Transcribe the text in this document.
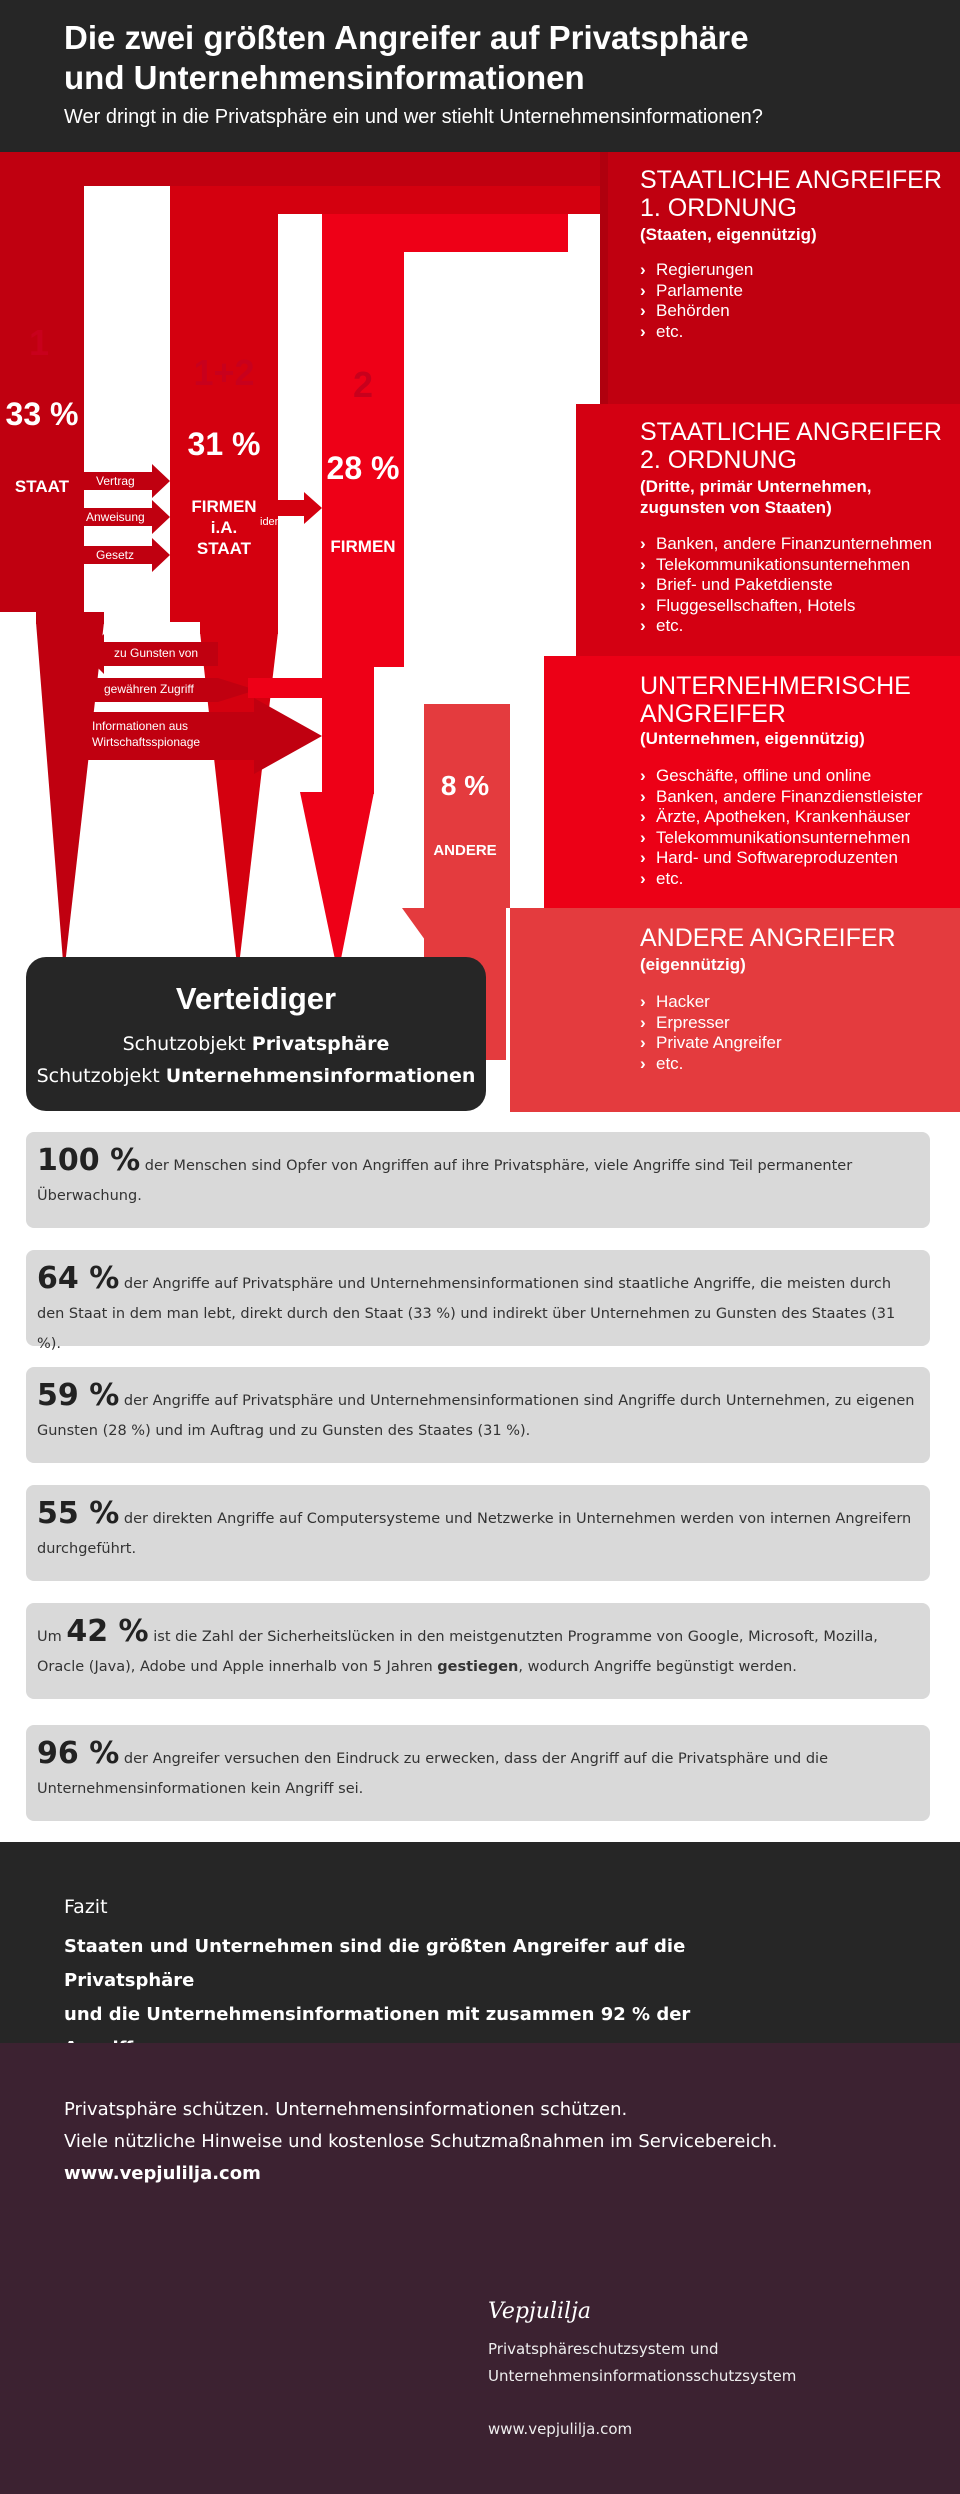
Die zwei größten Angreifer auf Privatsphäre
und Unternehmensinformationen
Wer dringt in die Privatsphäre ein und wer stiehlt Unternehmensinformationen?
STAATLICHE ANGREIFER
1. ORDNUNG
(Staaten, eigennützig)
› Regierungen
› Parlamente
› Behörden
› etc.
STAATLICHE ANGREIFER
2. ORDNUNG
(Dritte, primär Unternehmen,
zugunsten von Staaten)
› Banken, andere Finanzunternehmen
› Telekommunikationsunternehmen
› Brief- und Paketdienste
› Fluggesellschaften, Hotels
› etc.
UNTERNEHMERISCHE
ANGREIFER
(Unternehmen, eigennützig)
› Geschäfte, offline und online
› Banken, andere Finanzdienstleister
› Ärzte, Apotheken, Krankenhäuser
› Telekommunikationsunternehmen
› Hard- und Softwareproduzenten
› etc.
ANDERE ANGREIFER
(eigennützig)
› Hacker
› Erpresser
› Private Angreifer
› etc.
1
33 %
STAAT
1+2
31 %
FIRMEN
i.A.
STAAT
2
28 %
FIRMEN
8 %
ANDERE
Vertrag
Anweisung
Gesetz
identisch
zu Gunsten von
gewähren Zugriff
Informationen aus
Wirtschaftsspionage
Verteidiger
Schutzobjekt Privatsphäre
Schutzobjekt Unternehmensinformationen
100 % der Menschen sind Opfer von Angriffen auf ihre Privatsphäre, viele Angriffe sind Teil permanenter Überwachung.
64 % der Angriffe auf Privatsphäre und Unternehmensinformationen sind staatliche Angriffe, die meisten durch den Staat in dem man lebt, direkt durch den Staat (33 %) und indirekt über Unternehmen zu Gunsten des Staates (31 %).
59 % der Angriffe auf Privatsphäre und Unternehmensinformationen sind Angriffe durch Unternehmen, zu eigenen Gunsten (28 %) und im Auftrag und zu Gunsten des Staates (31 %).
55 % der direkten Angriffe auf Computersysteme und Netzwerke in Unternehmen werden von internen Angreifern durchgeführt.
Um 42 % ist die Zahl der Sicherheitslücken in den meistgenutzten Programme von Google, Microsoft, Mozilla, Oracle (Java), Adobe und Apple innerhalb von 5 Jahren gestiegen, wodurch Angriffe begünstigt werden.
96 % der Angreifer versuchen den Eindruck zu erwecken, dass der Angriff auf die Privatsphäre und die Unternehmensinformationen kein Angriff sei.
Fazit
Staaten und Unternehmen sind die größten Angreifer auf die Privatsphäre
und die Unternehmensinformationen mit zusammen 92 % der
Privatsphäre schützen. Unternehmensinformationen schützen.
Viele nützliche Hinweise und kostenlose Schutzmaßnahmen im Servicebereich.
www.vepjulilja.com
Vepjulilja
Privatsphäreschutzsystem und
Unternehmensinformationsschutzsystem
www.vepjulilja.com
